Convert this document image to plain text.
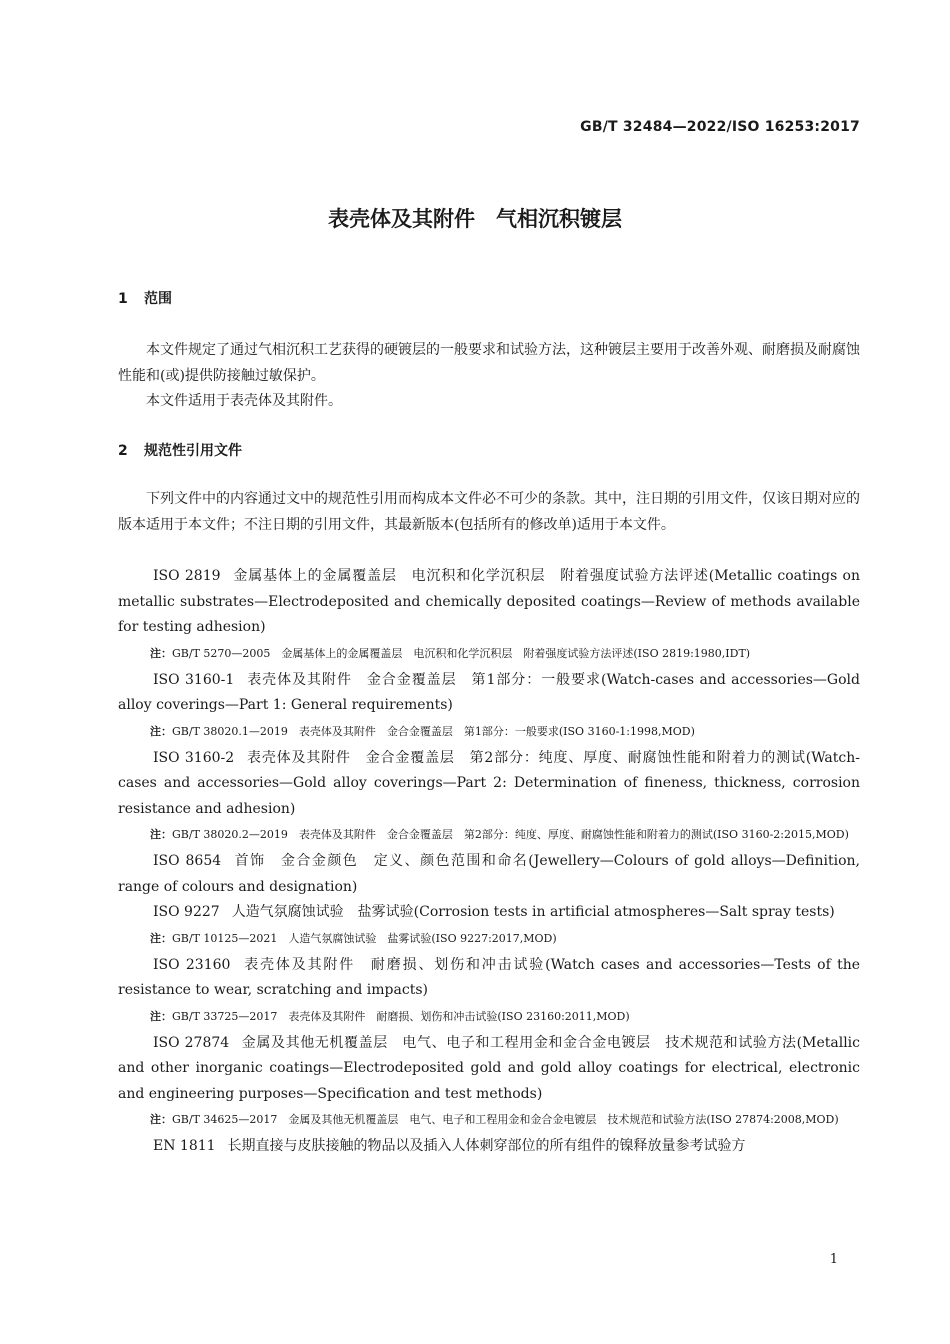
GB/T 32484—2022/ISO 16253:2017
表壳体及其附件　气相沉积镀层
1 范围

本文件规定了通过气相沉积工艺获得的硬镀层的一般要求和试验方法，这种镀层主要用于改善外观、耐磨损及耐腐蚀性能和(或)提供防接触过敏保护。

本文件适用于表壳体及其附件。

2 规范性引用文件

下列文件中的内容通过文中的规范性引用而构成本文件必不可少的条款。其中，注日期的引用文件，仅该日期对应的版本适用于本文件；不注日期的引用文件，其最新版本(包括所有的修改单)适用于本文件。

ISO 2819 金属基体上的金属覆盖层　电沉积和化学沉积层　附着强度试验方法评述(Metallic coatings on metallic substrates—Electrodeposited and chemically deposited coatings—Review of methods available for testing adhesion)

注：GB/T 5270—2005　金属基体上的金属覆盖层　电沉积和化学沉积层　附着强度试验方法评述(ISO 2819:1980,IDT)

ISO 3160-1 表壳体及其附件　金合金覆盖层　第1部分：一般要求(Watch-cases and accessories—Gold alloy coverings—Part 1: General requirements)

注：GB/T 38020.1—2019　表壳体及其附件　金合金覆盖层　第1部分：一般要求(ISO 3160-1:1998,MOD)

ISO 3160-2 表壳体及其附件　金合金覆盖层　第2部分：纯度、厚度、耐腐蚀性能和附着力的测试(Watch-cases and accessories—Gold alloy coverings—Part 2: Determination of fineness, thickness, corrosion resistance and adhesion)

注：GB/T 38020.2—2019　表壳体及其附件　金合金覆盖层　第2部分：纯度、厚度、耐腐蚀性能和附着力的测试(ISO 3160-2:2015,MOD)

ISO 8654 首饰　金合金颜色　定义、颜色范围和命名(Jewellery—Colours of gold alloys—Definition, range of colours and designation)

ISO 9227 人造气氛腐蚀试验　盐雾试验(Corrosion tests in artificial atmospheres—Salt spray tests)

注：GB/T 10125—2021　人造气氛腐蚀试验　盐雾试验(ISO 9227:2017,MOD)

ISO 23160 表壳体及其附件　耐磨损、划伤和冲击试验(Watch cases and accessories—Tests of the resistance to wear, scratching and impacts)

注：GB/T 33725—2017　表壳体及其附件　耐磨损、划伤和冲击试验(ISO 23160:2011,MOD)

ISO 27874 金属及其他无机覆盖层　电气、电子和工程用金和金合金电镀层　技术规范和试验方法(Metallic and other inorganic coatings—Electrodeposited gold and gold alloy coatings for electrical, electronic and engineering purposes—Specification and test methods)

注：GB/T 34625—2017　金属及其他无机覆盖层　电气、电子和工程用金和金合金电镀层　技术规范和试验方法(ISO 27874:2008,MOD)

EN 1811 长期直接与皮肤接触的物品以及插入人体刺穿部位的所有组件的镍释放量参考试验方

1
